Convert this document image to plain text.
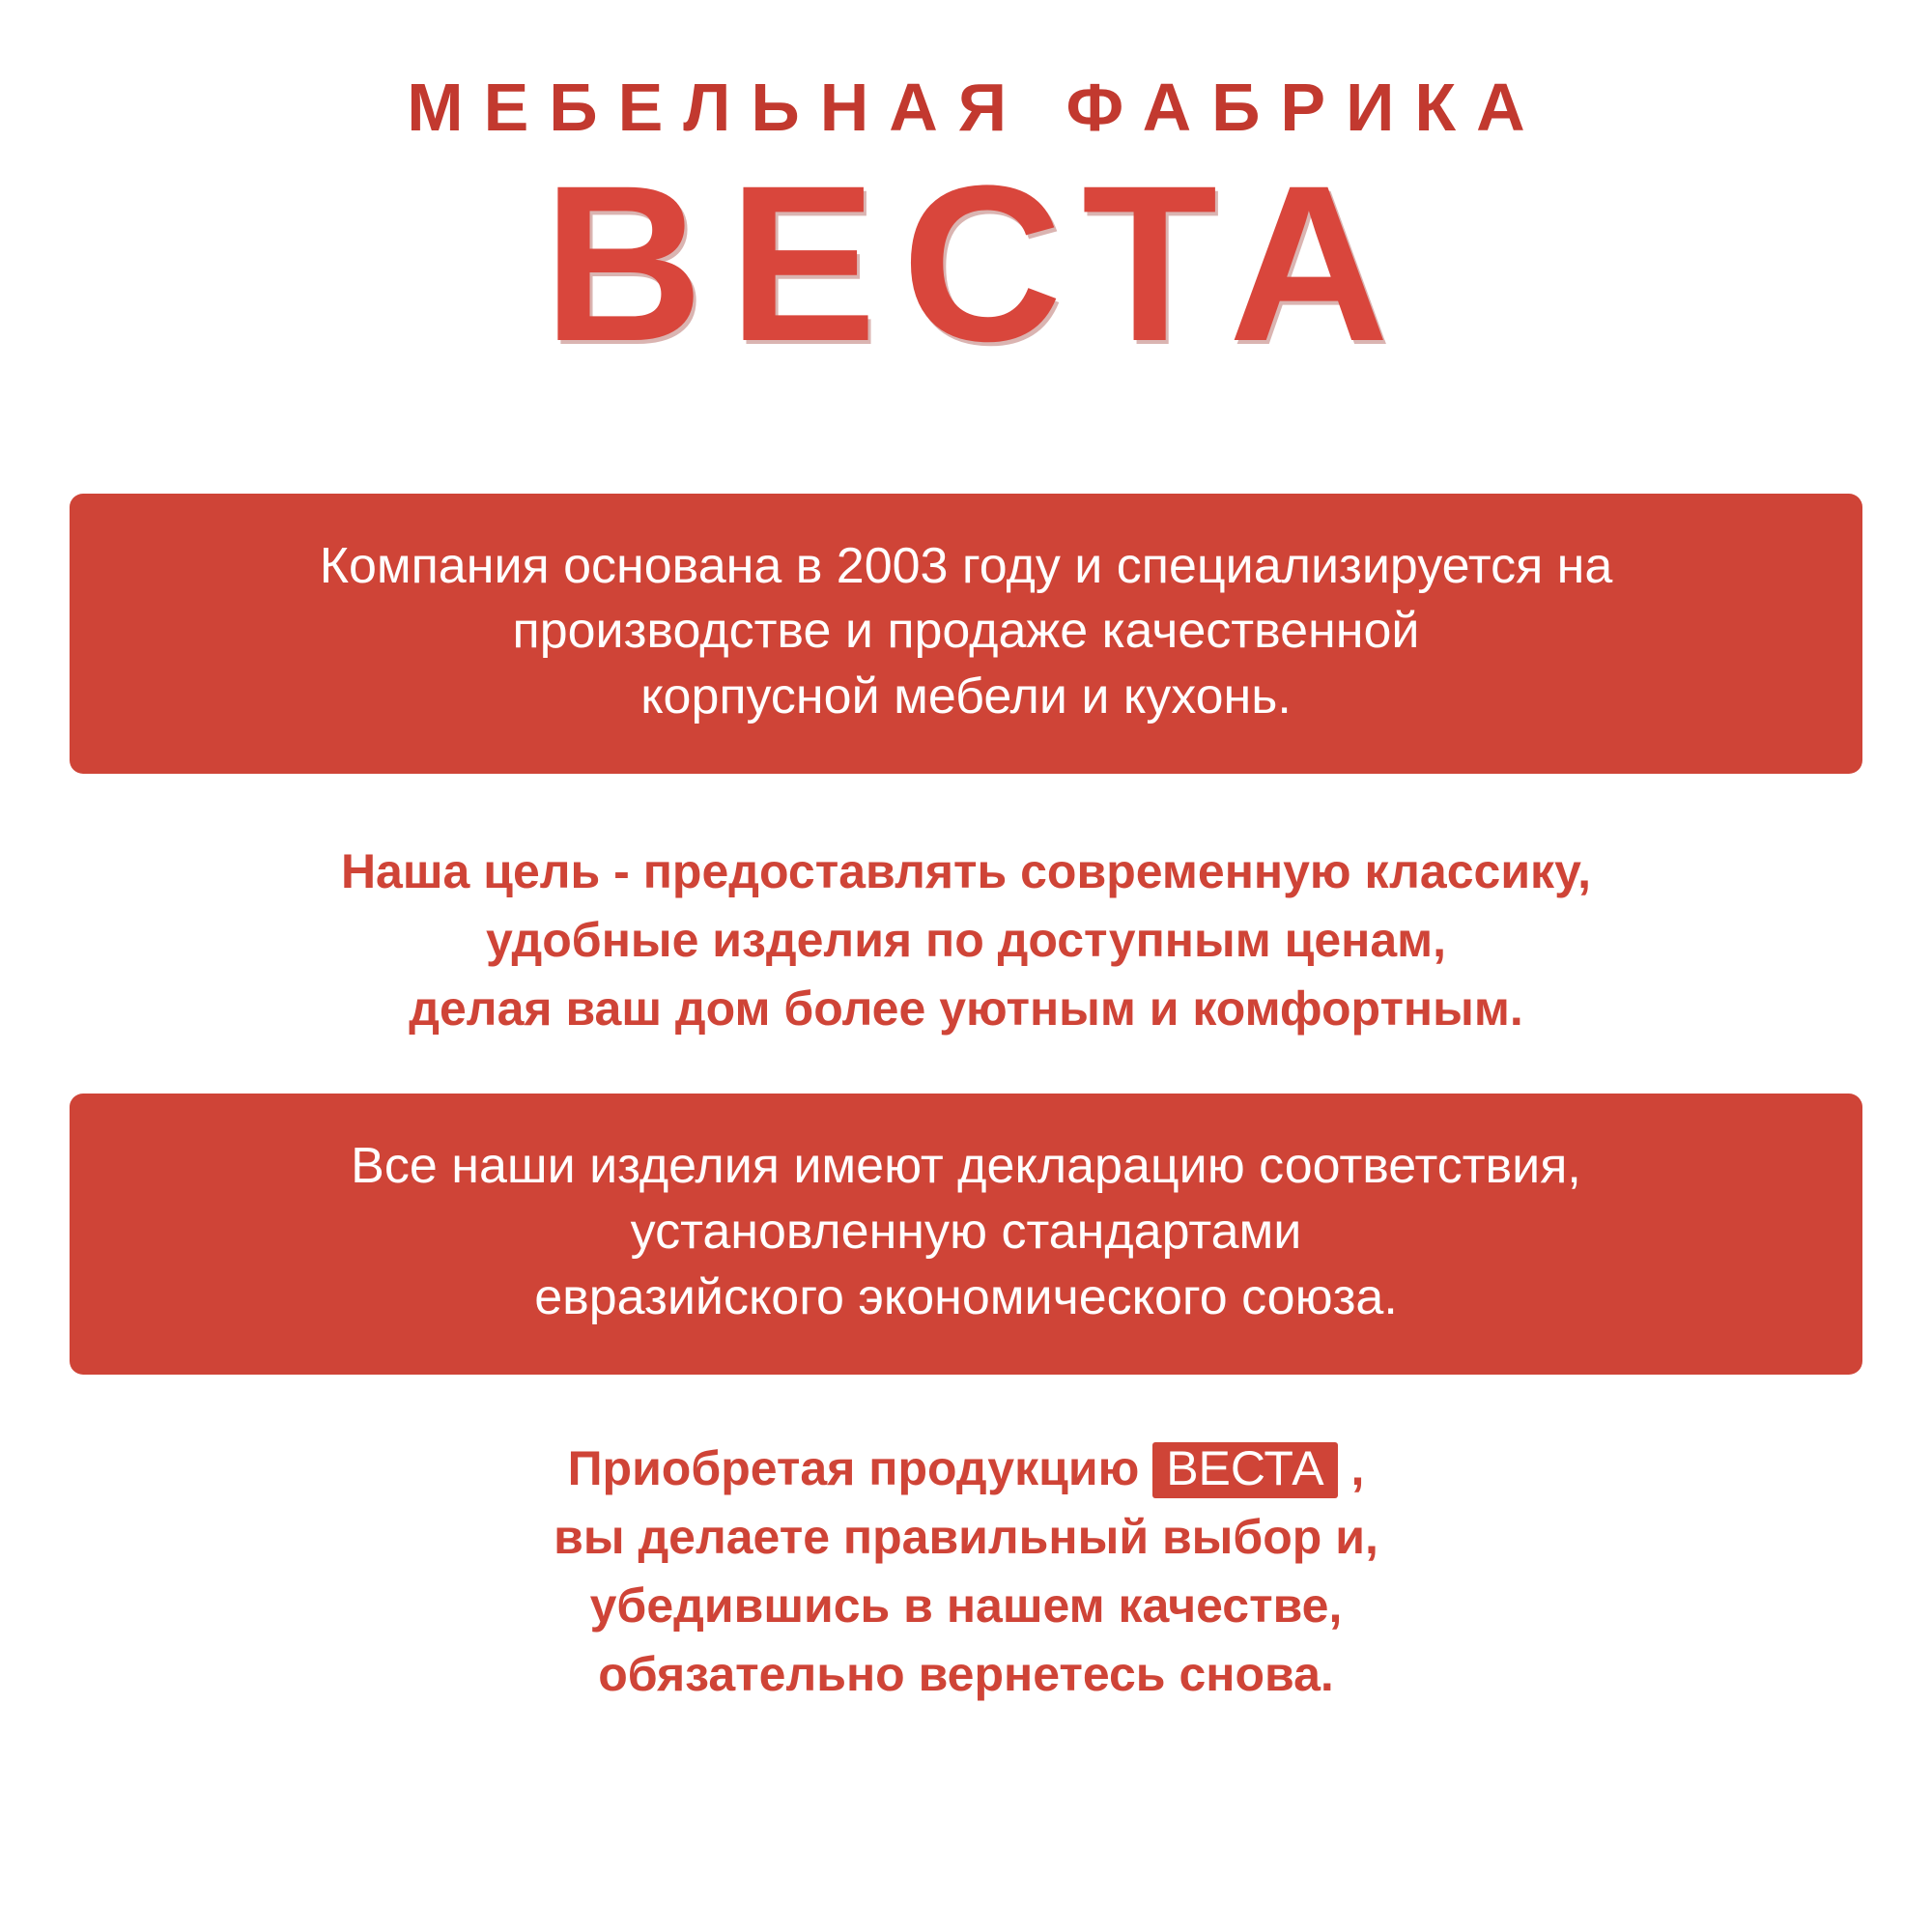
МЕБЕЛЬНАЯ ФАБРИКА
ВЕСТА
Компания основана в 2003 году и специализируется на
производстве и продаже качественной
корпусной мебели и кухонь.
Наша цель - предоставлять современную классику,
удобные изделия по доступным ценам,
делая ваш дом более уютным и комфортным.
Все наши изделия имеют декларацию соответствия,
установленную стандартами
евразийского экономического союза.
Приобретая продукцию ВЕСТА ,
вы делаете правильный выбор и,
убедившись в нашем качестве,
обязательно вернетесь снова.
